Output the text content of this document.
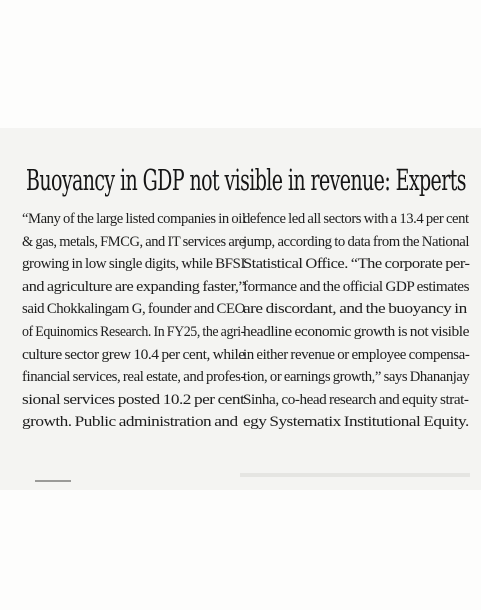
Buoyancy in GDP not visible in revenue: Experts
“Many of the large listed companies in oil
& gas, metals, FMCG, and IT services are
growing in low single digits, while BFSI
and agriculture are expanding faster,”
said Chokkalingam G, founder and CEO
of Equinomics Research. In FY25, the agri-
culture sector grew 10.4 per cent, while
financial services, real estate, and profes-
sional services posted 10.2 per cent
growth. Public administration and
defence led all sectors with a 13.4 per cent
jump, according to data from the National
Statistical Office. “The corporate per-
formance and the official GDP estimates
are discordant, and the buoyancy in
headline economic growth is not visible
in either revenue or employee compensa-
tion, or earnings growth,” says Dhananjay
Sinha, co-head research and equity strat-
egy Systematix Institutional Equity.
